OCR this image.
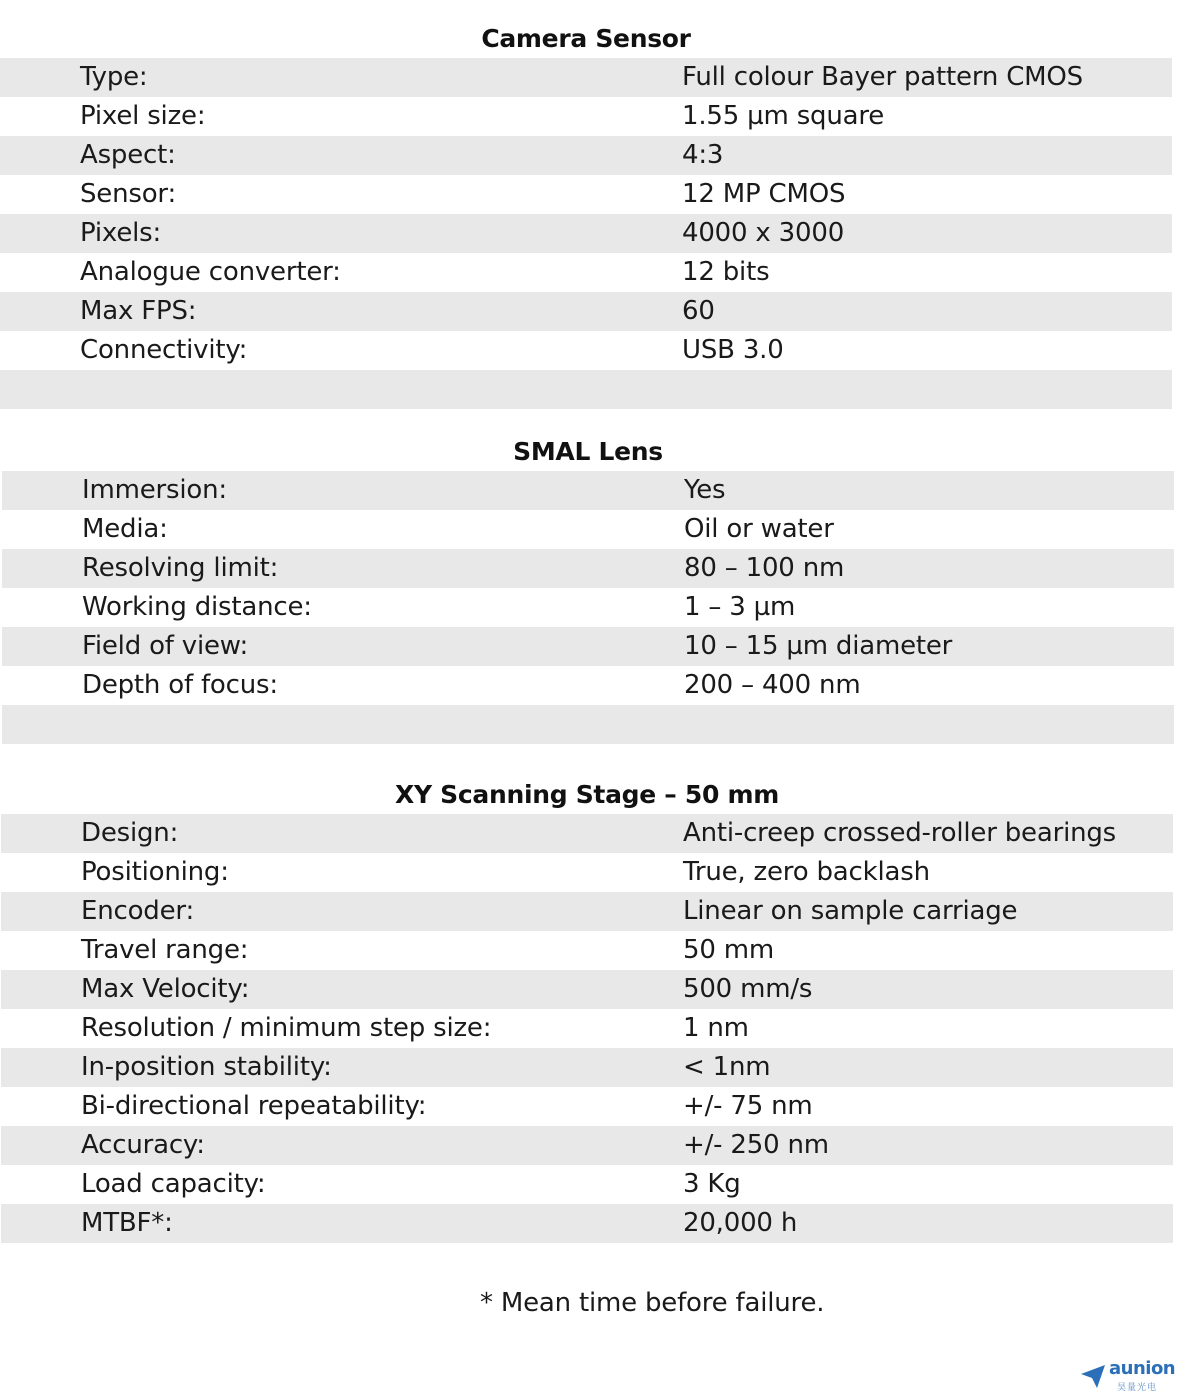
Camera Sensor
Type:	Full colour Bayer pattern CMOS
Pixel size:	1.55 µm square
Aspect:	4:3
Sensor:	12 MP CMOS
Pixels:	4000 x 3000
Analogue converter:	12 bits
Max FPS:	60
Connectivity:	USB 3.0
SMAL Lens
Immersion:	Yes
Media:	Oil or water
Resolving limit:	80 – 100 nm
Working distance:	1 – 3 µm
Field of view:	10 – 15 µm diameter
Depth of focus:	200 – 400 nm
XY Scanning Stage – 50 mm
Design:	Anti-creep crossed-roller bearings
Positioning:	True, zero backlash
Encoder:	Linear on sample carriage
Travel range:	50 mm
Max Velocity:	500 mm/s
Resolution / minimum step size:	1 nm
In-position stability:	< 1nm
Bi-directional repeatability:	+/- 75 nm
Accuracy:	+/- 250 nm
Load capacity:	3 Kg
MTBF*:	20,000 h
* Mean time before failure.
aunion
昊量光电
